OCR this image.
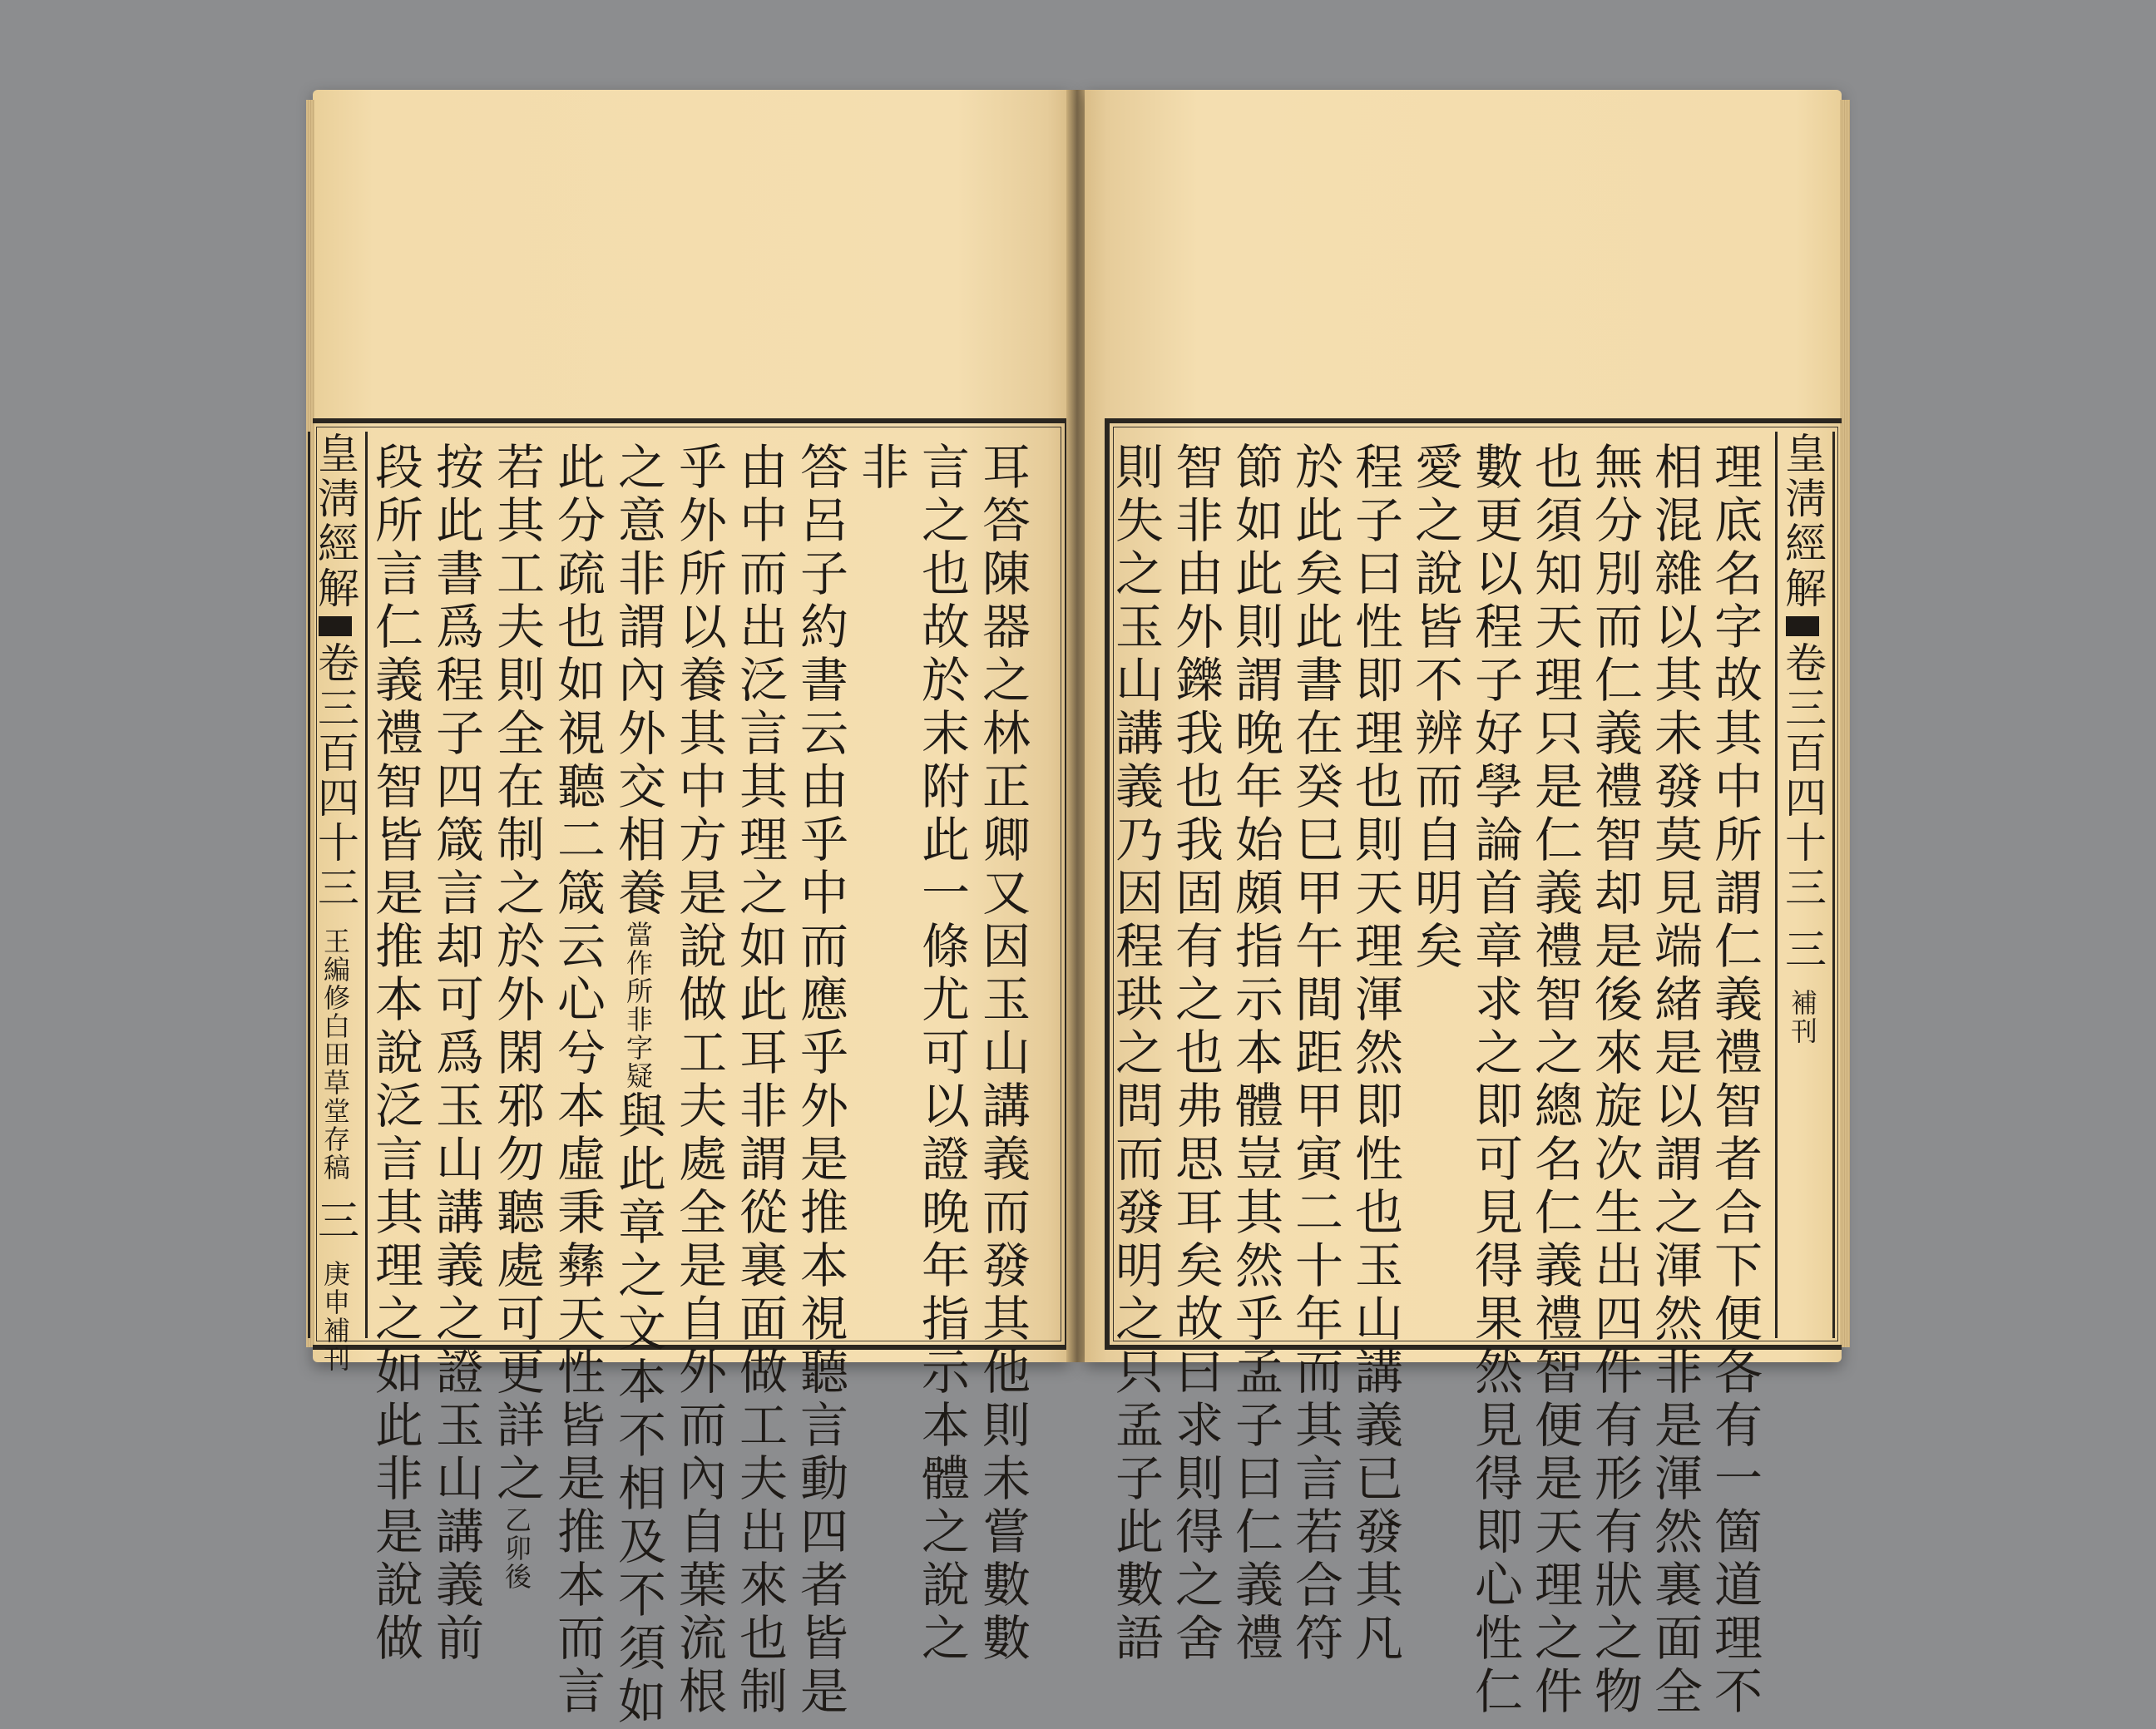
耳答陳器之林正卿又因玉山講義而發其他則未嘗數數
言之也故於末附此一條尤可以證晚年指示本體之說之
非
答呂子約書云由乎中而應乎外是推本視聽言動四者皆是
由中而出泛言其理之如此耳非謂從裏面做工夫出來也制
乎外所以養其中方是說做工夫處全是自外而內自葉流根
之意非謂內外交相養當作所非字疑與此章之文本不相及不須如
此分疏也如視聽二箴云心兮本虛秉彝天性皆是推本而言
若其工夫則全在制之於外閑邪勿聽處可更詳之乙卯後
按此書爲程子四箴言却可爲玉山講義之證玉山講義前
段所言仁義禮智皆是推本說泛言其理之如此非是說做
皇淸經解卷三百四十三 王編修白田草堂存稿 三 庚申補刊	理底名字故其中所謂仁義禮智者合下便各有一箇道理不
相混雜以其未發莫見端緒是以謂之渾然非是渾然裏面全
無分別而仁義禮智却是後來旋次生出四件有形有狀之物
也須知天理只是仁義禮智之總名仁義禮智便是天理之件
數更以程子好學論首章求之即可見得果然見得即心性仁
愛之說皆不辨而自明矣
程子曰性即理也則天理渾然即性也玉山講義已發其凡
於此矣此書在癸巳甲午間距甲寅二十年而其言若合符
節如此則謂晚年始頗指示本體豈其然乎孟子曰仁義禮
智非由外鑠我也我固有之也弗思耳矣故曰求則得之舍
則失之玉山講義乃因程珙之問而發明之只孟子此數語	皇淸經解卷三百四十三 三 補刊
